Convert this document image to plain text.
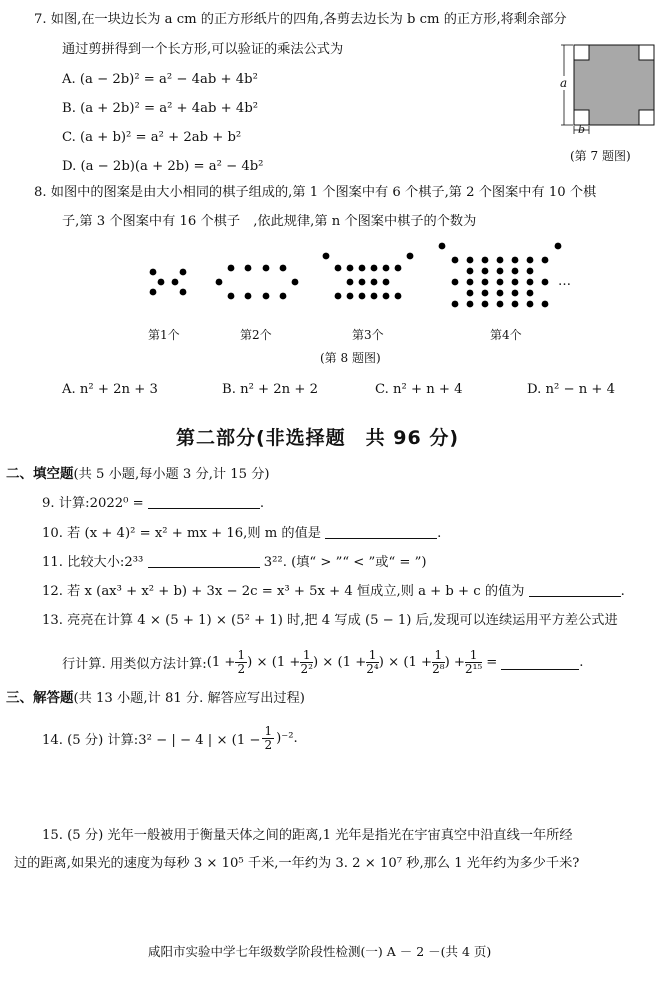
7. 如图,在一块边长为 a cm 的正方形纸片的四角,各剪去边长为 b cm 的正方形,将剩余部分
通过剪拼得到一个长方形,可以验证的乘法公式为
A. (a − 2b)² = a² − 4ab + 4b²
B. (a + 2b)² = a² + 4ab + 4b²
C. (a + b)² = a² + 2ab + b²
D. (a − 2b)(a + 2b) = a² − 4b²
a
b
(第 7 题图)
8. 如图中的图案是由大小相同的棋子组成的,第 1 个图案中有 6 个棋子,第 2 个图案中有 10 个棋
子,第 3 个图案中有 16 个棋子　,依此规律,第 n 个图案中棋子的个数为
…
第1个	第2个	第3个	第4个
(第 8 题图)
A. n² + 2n + 3	B. n² + 2n + 2	C. n² + n + 4	D. n² − n + 4
第二部分(非选择题　共 96 分)
二、填空题(共 5 小题,每小题 3 分,计 15 分)
9. 计算:2022⁰ =	.
10. 若 (x + 4)² = x² + mx + 16,则 m 的值是	.
11. 比较大小:2³³	3²². (填“ > ”“ < ”或“ = ”)
12. 若 x (ax³ + x² + b) + 3x − 2c = x³ + 5x + 4 恒成立,则 a + b + c 的值为	.
13. 亮亮在计算 4 × (5 + 1) × (5² + 1) 时,把 4 写成 (5 − 1) 后,发现可以连续运用平方差公式进
行计算. 用类似方法计算: ($1 + \frac{1}{2}$ ) × ($1 + \frac{1}{\text{2²}}$ ) × ($1 + \frac{1}{\text{2⁴}}$ ) × ($1 + \frac{1}{\text{2⁸}}$ ) + $\frac{1}{\text{2¹⁵}}$ =	.
三、解答题(共 13 小题,计 81 分. 解答应写出过程)
14. (5 分) 计算:3² − | − 4 | × $(1 - \frac{1}{2} )^{-2}$.
15. (5 分) 光年一般被用于衡量天体之间的距离,1 光年是指光在宇宙真空中沿直线一年所经
过的距离,如果光的速度为每秒 3 × 10⁵ 千米,一年约为 3. 2 × 10⁷ 秒,那么 1 光年约为多少千米?
咸阳市实验中学七年级数学阶段性检测(一) A － 2 －(共 4 页)
